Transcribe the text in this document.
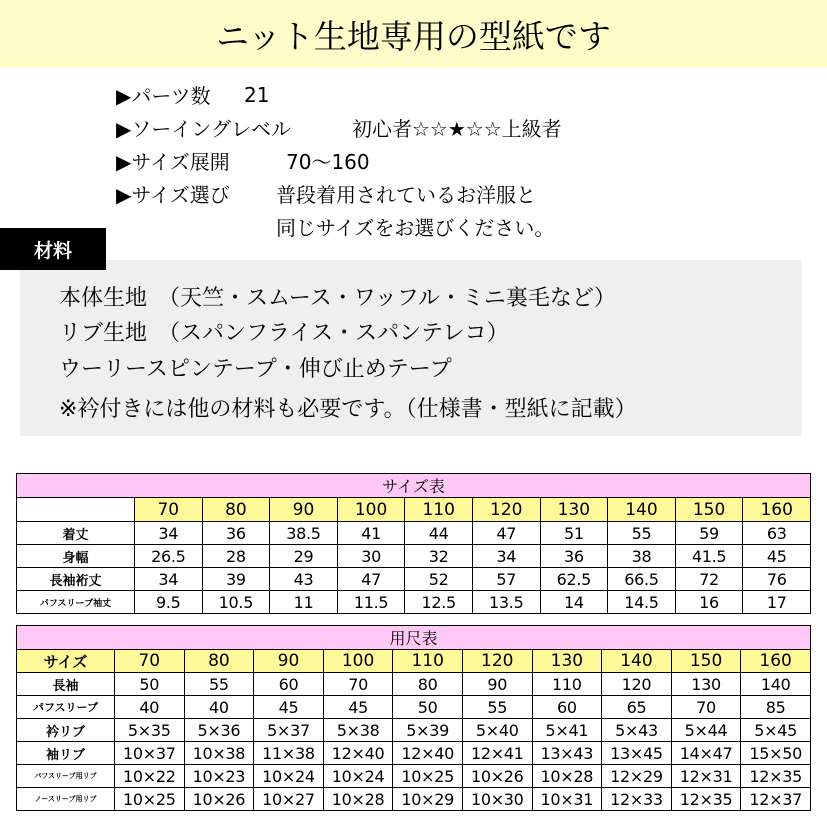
ニット生地専用の型紙です
▶パーツ数	21
▶ソーイングレベル	初心者☆☆★☆☆上級者
▶サイズ展開	70～160
▶サイズ選び	普段着用されているお洋服と
同じサイズをお選びください。
材料
本体生地　（天竺・スムース・ワッフル・ミニ裏毛など）
リブ生地　（スパンフライス・スパンテレコ）
ウーリースピンテープ・伸び止めテープ
※衿付きには他の材料も必要です。（仕様書・型紙に記載）
サイズ表										
	70	80	90	100	110	120	130	140	150	160
着丈	34	36	38.5	41	44	47	51	55	59	63
身幅	26.5	28	29	30	32	34	36	38	41.5	45
長袖裄丈	34	39	43	47	52	57	62.5	66.5	72	76
パフスリーブ袖丈	9.5	10.5	11	11.5	12.5	13.5	14	14.5	16	17
用尺表										
サイズ	70	80	90	100	110	120	130	140	150	160
長袖	50	55	60	70	80	90	110	120	130	140
パフスリーブ	40	40	45	45	50	55	60	65	70	85
衿リブ	5×35	5×36	5×37	5×38	5×39	5×40	5×41	5×43	5×44	5×45
袖リブ	10×37	10×38	11×38	12×40	12×40	12×41	13×43	13×45	14×47	15×50
パフスリーブ用リブ	10×22	10×23	10×24	10×24	10×25	10×26	10×28	12×29	12×31	12×35
ノースリーブ用リブ	10×25	10×26	10×27	10×28	10×29	10×30	10×31	12×33	12×35	12×37
